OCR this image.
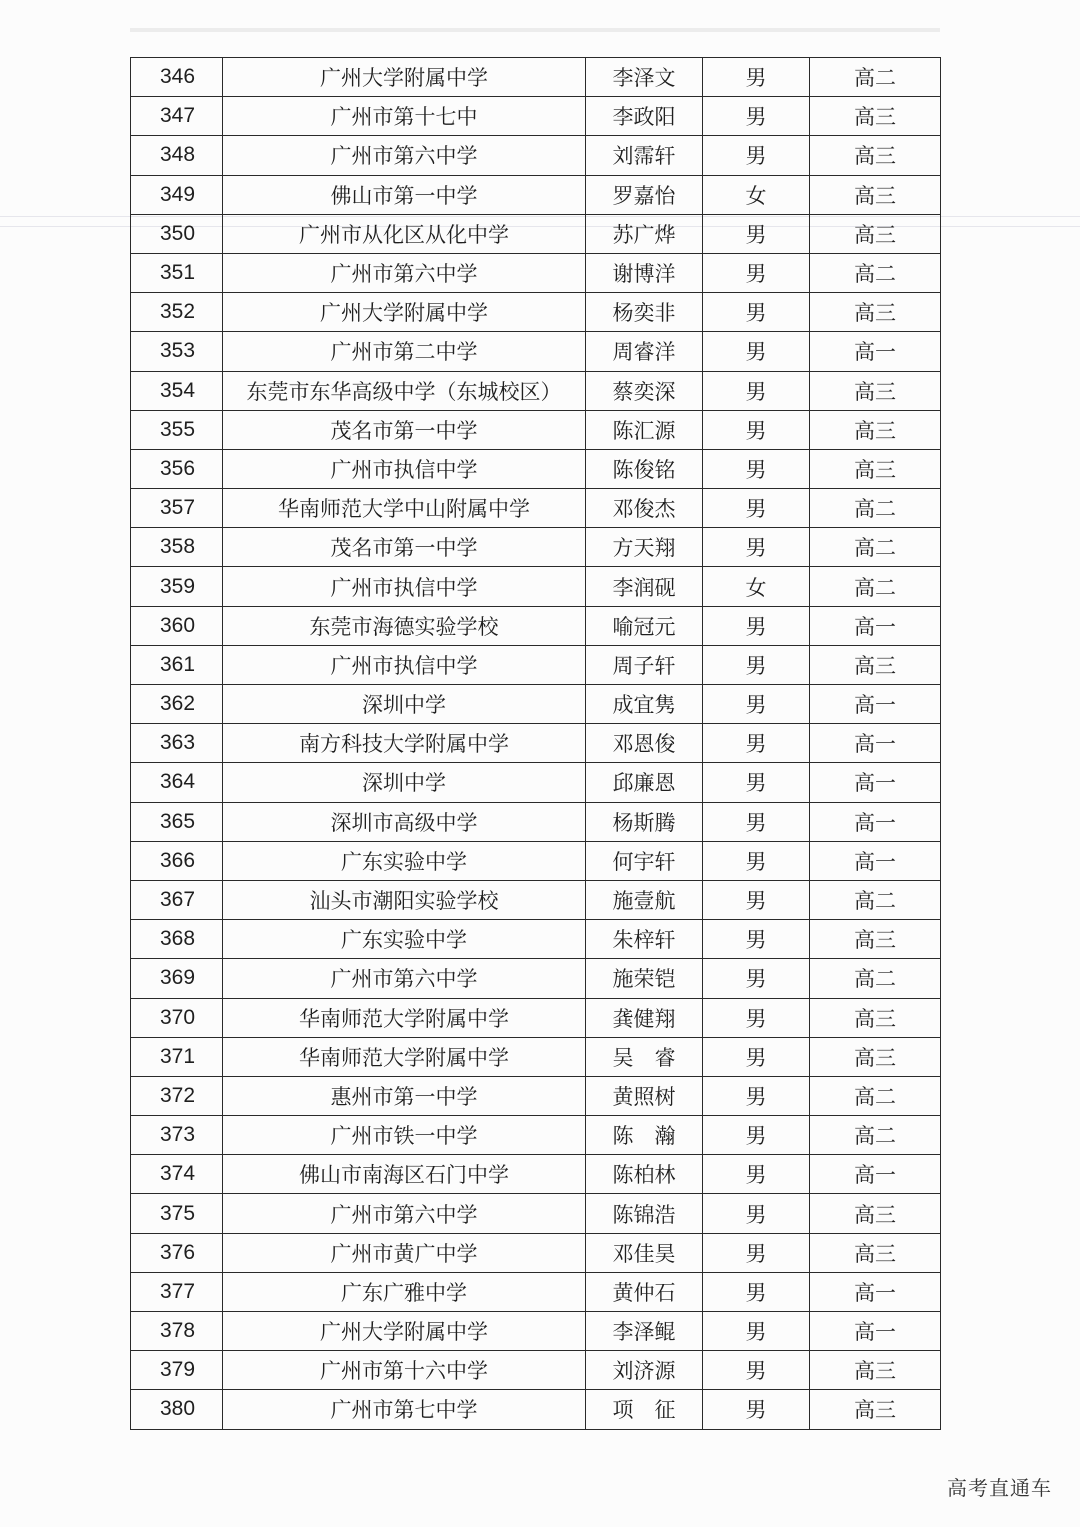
346	广州大学附属中学	李泽文	男	高二
347	广州市第十七中	李政阳	男	高三
348	广州市第六中学	刘霈轩	男	高三
349	佛山市第一中学	罗嘉怡	女	高三
350	广州市从化区从化中学	苏广烨	男	高三
351	广州市第六中学	谢博洋	男	高二
352	广州大学附属中学	杨奕非	男	高三
353	广州市第二中学	周睿洋	男	高一
354	东莞市东华高级中学（东城校区）	蔡奕深	男	高三
355	茂名市第一中学	陈汇源	男	高三
356	广州市执信中学	陈俊铭	男	高三
357	华南师范大学中山附属中学	邓俊杰	男	高二
358	茂名市第一中学	方天翔	男	高二
359	广州市执信中学	李润砚	女	高二
360	东莞市海德实验学校	喻冠元	男	高一
361	广州市执信中学	周子轩	男	高三
362	深圳中学	成宜隽	男	高一
363	南方科技大学附属中学	邓恩俊	男	高一
364	深圳中学	邱廉恩	男	高一
365	深圳市高级中学	杨斯腾	男	高一
366	广东实验中学	何宇轩	男	高一
367	汕头市潮阳实验学校	施壹航	男	高二
368	广东实验中学	朱梓轩	男	高三
369	广州市第六中学	施荣铠	男	高二
370	华南师范大学附属中学	龚健翔	男	高三
371	华南师范大学附属中学	吴　睿	男	高三
372	惠州市第一中学	黄照树	男	高二
373	广州市铁一中学	陈　瀚	男	高二
374	佛山市南海区石门中学	陈柏林	男	高一
375	广州市第六中学	陈锦浩	男	高三
376	广州市黄广中学	邓佳昊	男	高三
377	广东广雅中学	黄仲石	男	高一
378	广州大学附属中学	李泽鲲	男	高一
379	广州市第十六中学	刘济源	男	高三
380	广州市第七中学	项　征	男	高三
高考直通车
